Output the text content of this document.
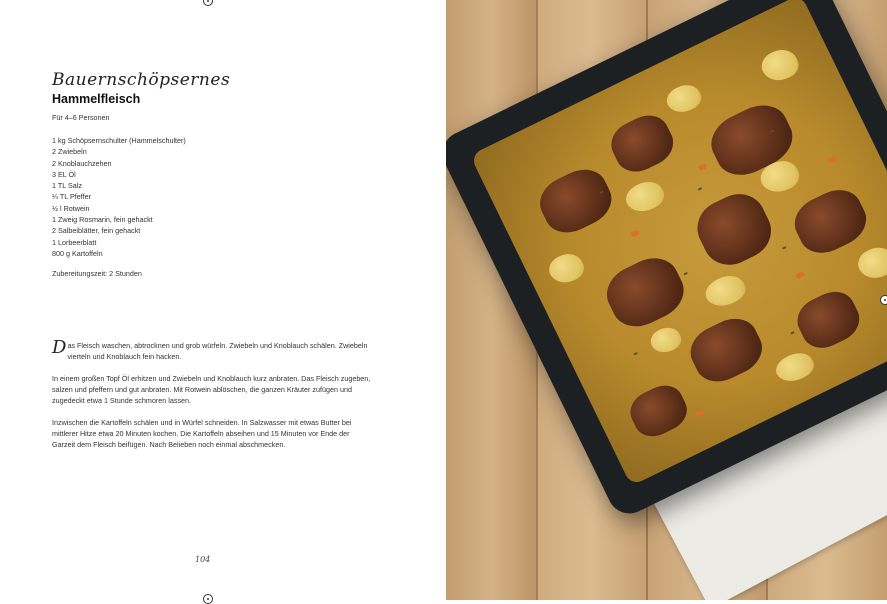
Bauernschöpsernes
Hammelfleisch
Für 4–6 Personen
1 kg Schöpsernschulter (Hammelschulter)
2 Zwiebeln
2 Knoblauchzehen
3 EL Öl
1 TL Salz
¼ TL Pfeffer
½ l Rotwein
1 Zweig Rosmarin, fein gehackt
2 Salbeiblätter, fein gehackt
1 Lorbeerblatt
800 g Kartoffeln
Zubereitungszeit: 2 Stunden

Das Fleisch waschen, abtrocknen und grob würfeln. Zwiebeln und Knoblauch schälen. Zwiebeln vierteln und Knoblauch fein hacken.

In einem großen Topf Öl erhitzen und Zwiebeln und Knoblauch kurz anbraten. Das Fleisch zugeben, salzen und pfeffern und gut anbraten. Mit Rotwein ablöschen, die ganzen Kräuter zufügen und zugedeckt etwa 1 Stunde schmoren lassen.

Inzwischen die Kartoffeln schälen und in Würfel schneiden. In Salzwasser mit etwas Butter bei mittlerer Hitze etwa 20 Minuten kochen. Die Kartoffeln abseihen und 15 Minuten vor Ende der Garzeit dem Fleisch beifügen. Nach Belieben noch einmal abschmecken.

104
